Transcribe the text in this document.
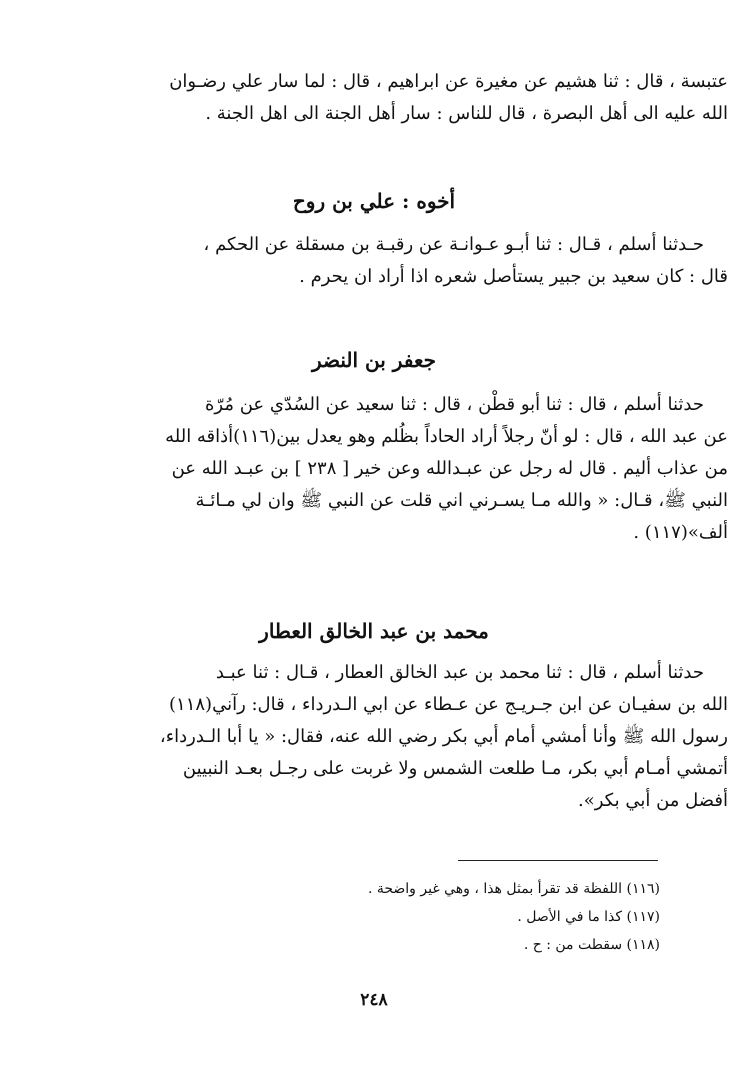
عتبسة ، قال : ثنا هشيم عن مغيرة عن ابراهيم ، قال : لما سار علي رضـوان
الله عليه الى أهل البصرة ، قال للناس : سار أهل الجنة الى اهل الجنة .
أخوه : علي بن روح
حـدثنا أسلم ، قـال : ثنا أبـو عـوانـة عن رقبـة بن مسقلة عن الحكم ،
قال : كان سعيد بن جبير يستأصل شعره اذا أراد ان يحرم .
جعفر بن النضر
حدثنا أسلم ، قال : ثنا أبو قطْن ، قال : ثنا سعيد عن السُدّي عن مُرّة
عن عبد الله ، قال : لو أنّ رجلاً أراد الحاداً بظُلم وهو يعدل بين(١١٦)أذاقه الله
من عذاب أليم . قال له رجل عن عبـدالله وعن خير [ ٢٣٨ ] بن عبـد الله عن
النبي ﷺ، قـال: « والله مـا يسـرني اني قلت عن النبي ﷺ وان لي مـائـة
ألف»(١١٧) .
محمد بن عبد الخالق العطار
حدثنا أسلم ، قال : ثنا محمد بن عبد الخالق العطار ، قـال : ثنا عبـد
الله بن سفيـان عن ابن جـريـج عن عـطاء عن ابي الـدرداء ، قال: رآني(١١٨)
رسول الله ﷺ وأنا أمشي أمام أبي بكر رضي الله عنه، فقال: « يا أبا الـدرداء،
أتمشي أمـام أبي بكر، مـا طلعت الشمس ولا غربت على رجـل بعـد النبيين
أفضل من أبي بكر».
(١١٦) اللفظة قد تقرأ بمثل هذا ، وهي غير واضحة .
(١١٧) كذا ما في الأصل .
(١١٨) سقطت من : ح .
٢٤٨
